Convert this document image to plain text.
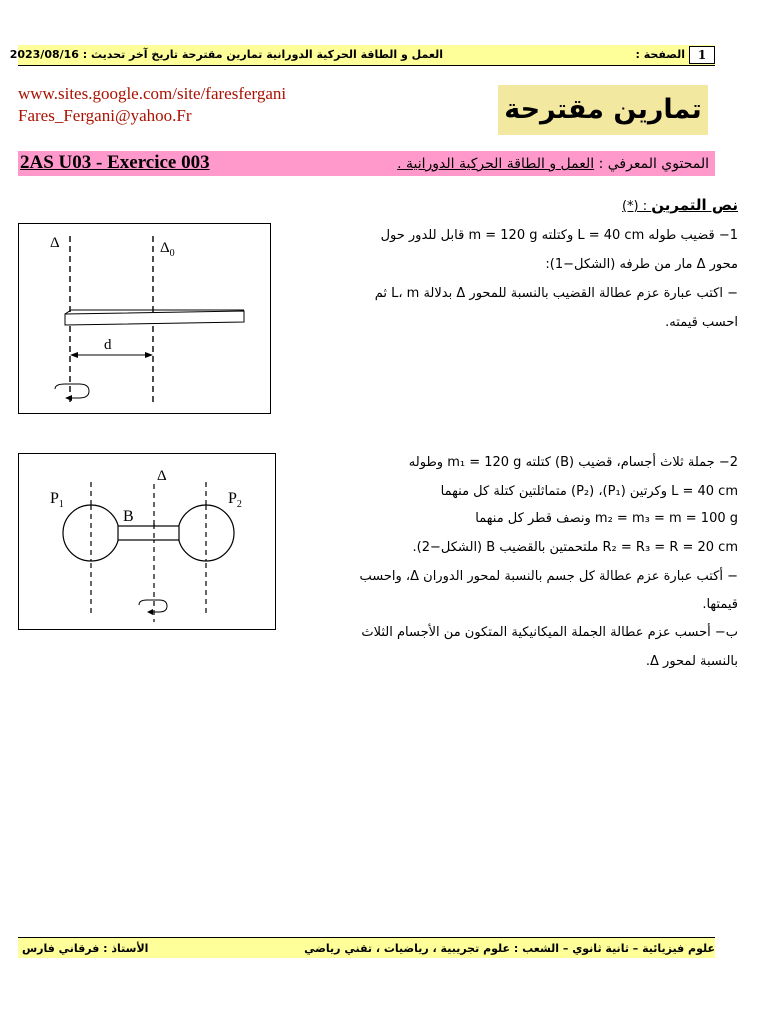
العمل و الطاقة الحركية الدورانية تمارين مقترحة تاريخ آخر تحديث : 2023/08/16	الصفحة :	1
www.sites.google.com/site/faresfergani
Fares_Fergani@yahoo.Fr	تمارين مقترحة
2AS U03 - Exercice 003	المحتوي المعرفي : العمل و الطاقة الحركية الدورانية .
نص التمرين : (*)
1− قضيب طوله L = 40 cm وكتلته m = 120 g قابل للدور حول
محور Δ مار من طرفه (الشكل−1):
− اكتب عبارة عزم عطالة القضيب بالنسبة للمحور Δ بدلالة L، m ثم
احسب قيمته.
Δ	$\Delta_0$
d
2− جملة ثلاث أجسام، قضيب (B) كتلته m₁ = 120 g وطوله
L = 40 cm وكرتين (P₁)، (P₂) متماثلتين كتلة كل منهما
m₂ = m₃ = m = 100 g ونصف قطر كل منهما
R₂ = R₃ = R = 20 cm ملتحمتين بالقضيب B (الشكل−2).
− أكتب عبارة عزم عطالة كل جسم بالنسبة لمحور الدوران Δ، واحسب
قيمتها.
ب− أحسب عزم عطالة الجملة الميكانيكية المتكون من الأجسام الثلاث
بالنسبة لمحور Δ.
Δ
$P_1$	$P_2$
B
علوم فيزيائية – ثانية ثانوي – الشعب : علوم تجريبية ، رياضيات ، تقني رياضي
الأستاذ : فرقاني فارس
